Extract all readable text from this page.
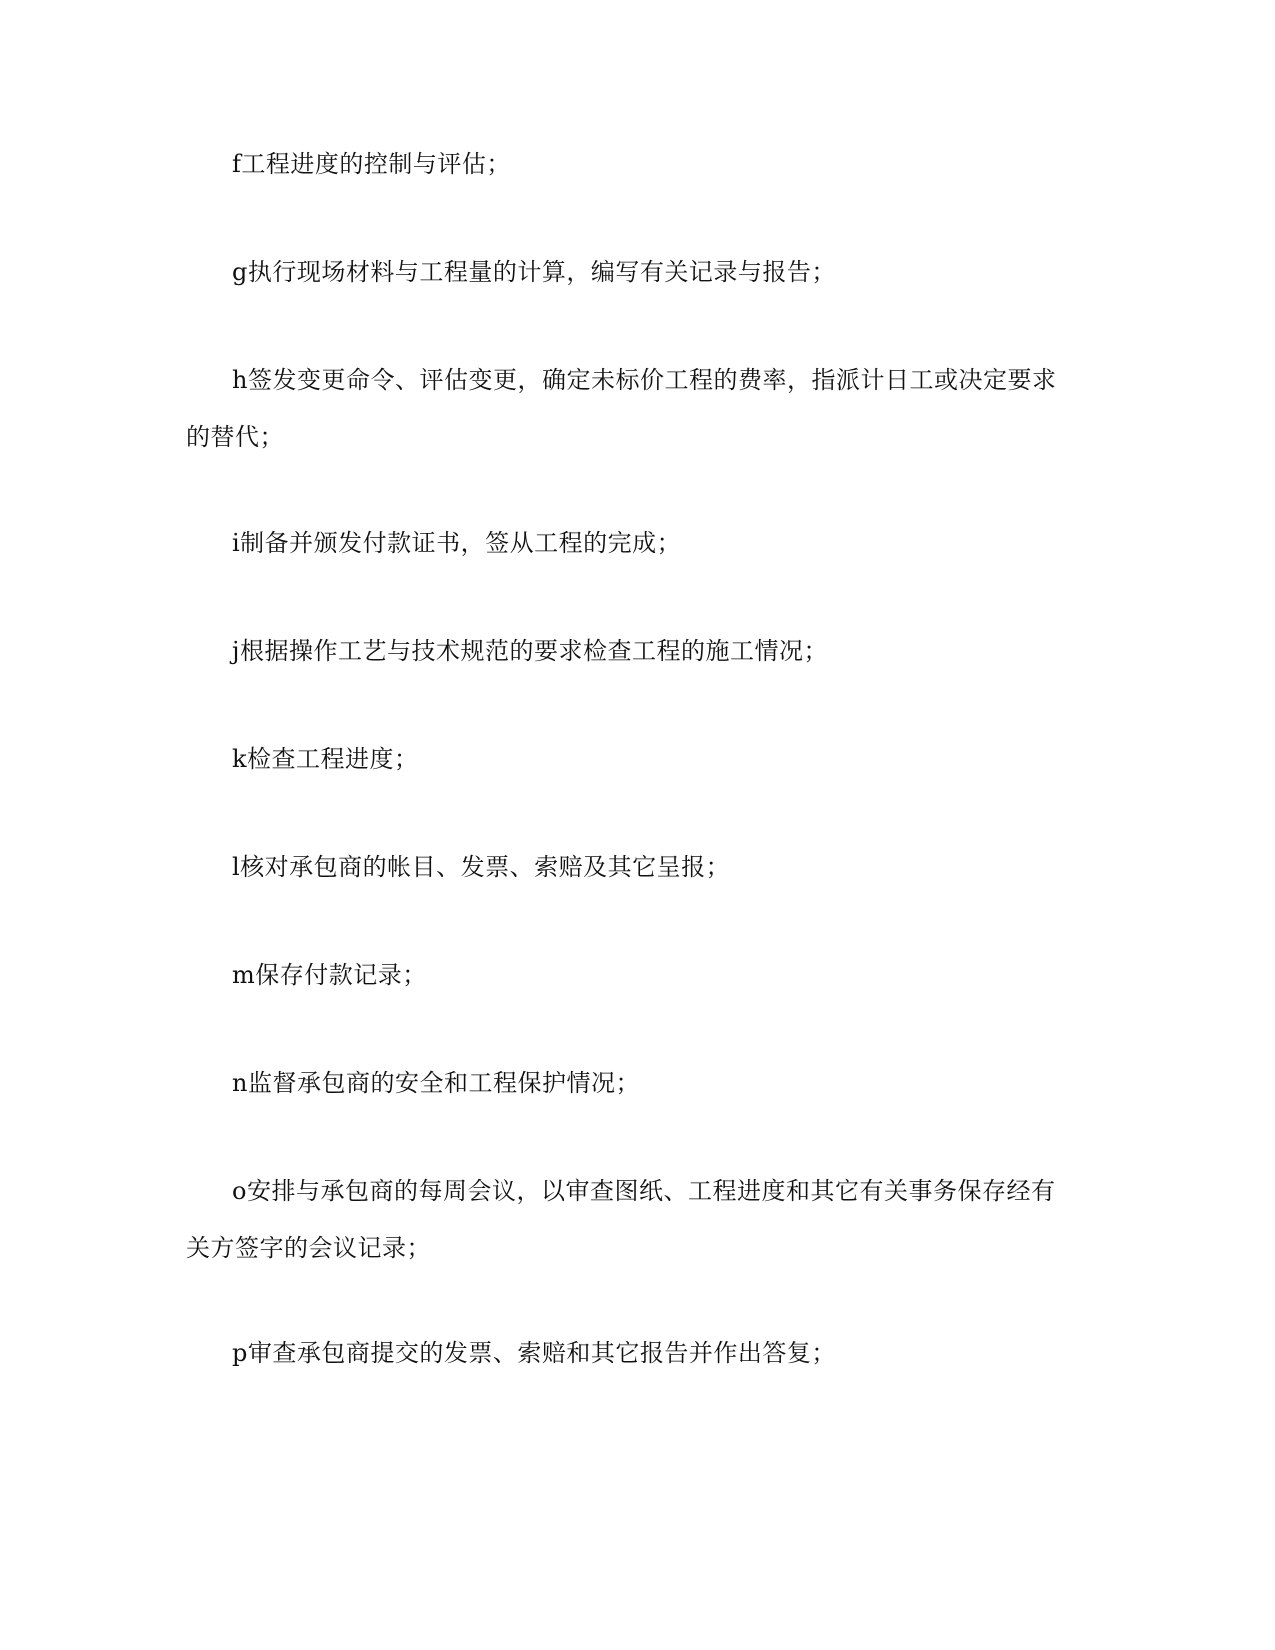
f工程进度的控制与评估；

g执行现场材料与工程量的计算，编写有关记录与报告；

h签发变更命令、评估变更，确定未标价工程的费率，指派计日工或决定要求的替代；

i制备并颁发付款证书，签从工程的完成；

j根据操作工艺与技术规范的要求检查工程的施工情况；

k检查工程进度；

l核对承包商的帐目、发票、索赔及其它呈报；

m保存付款记录；

n监督承包商的安全和工程保护情况；

o安排与承包商的每周会议，以审查图纸、工程进度和其它有关事务保存经有关方签字的会议记录；

p审查承包商提交的发票、索赔和其它报告并作出答复；
